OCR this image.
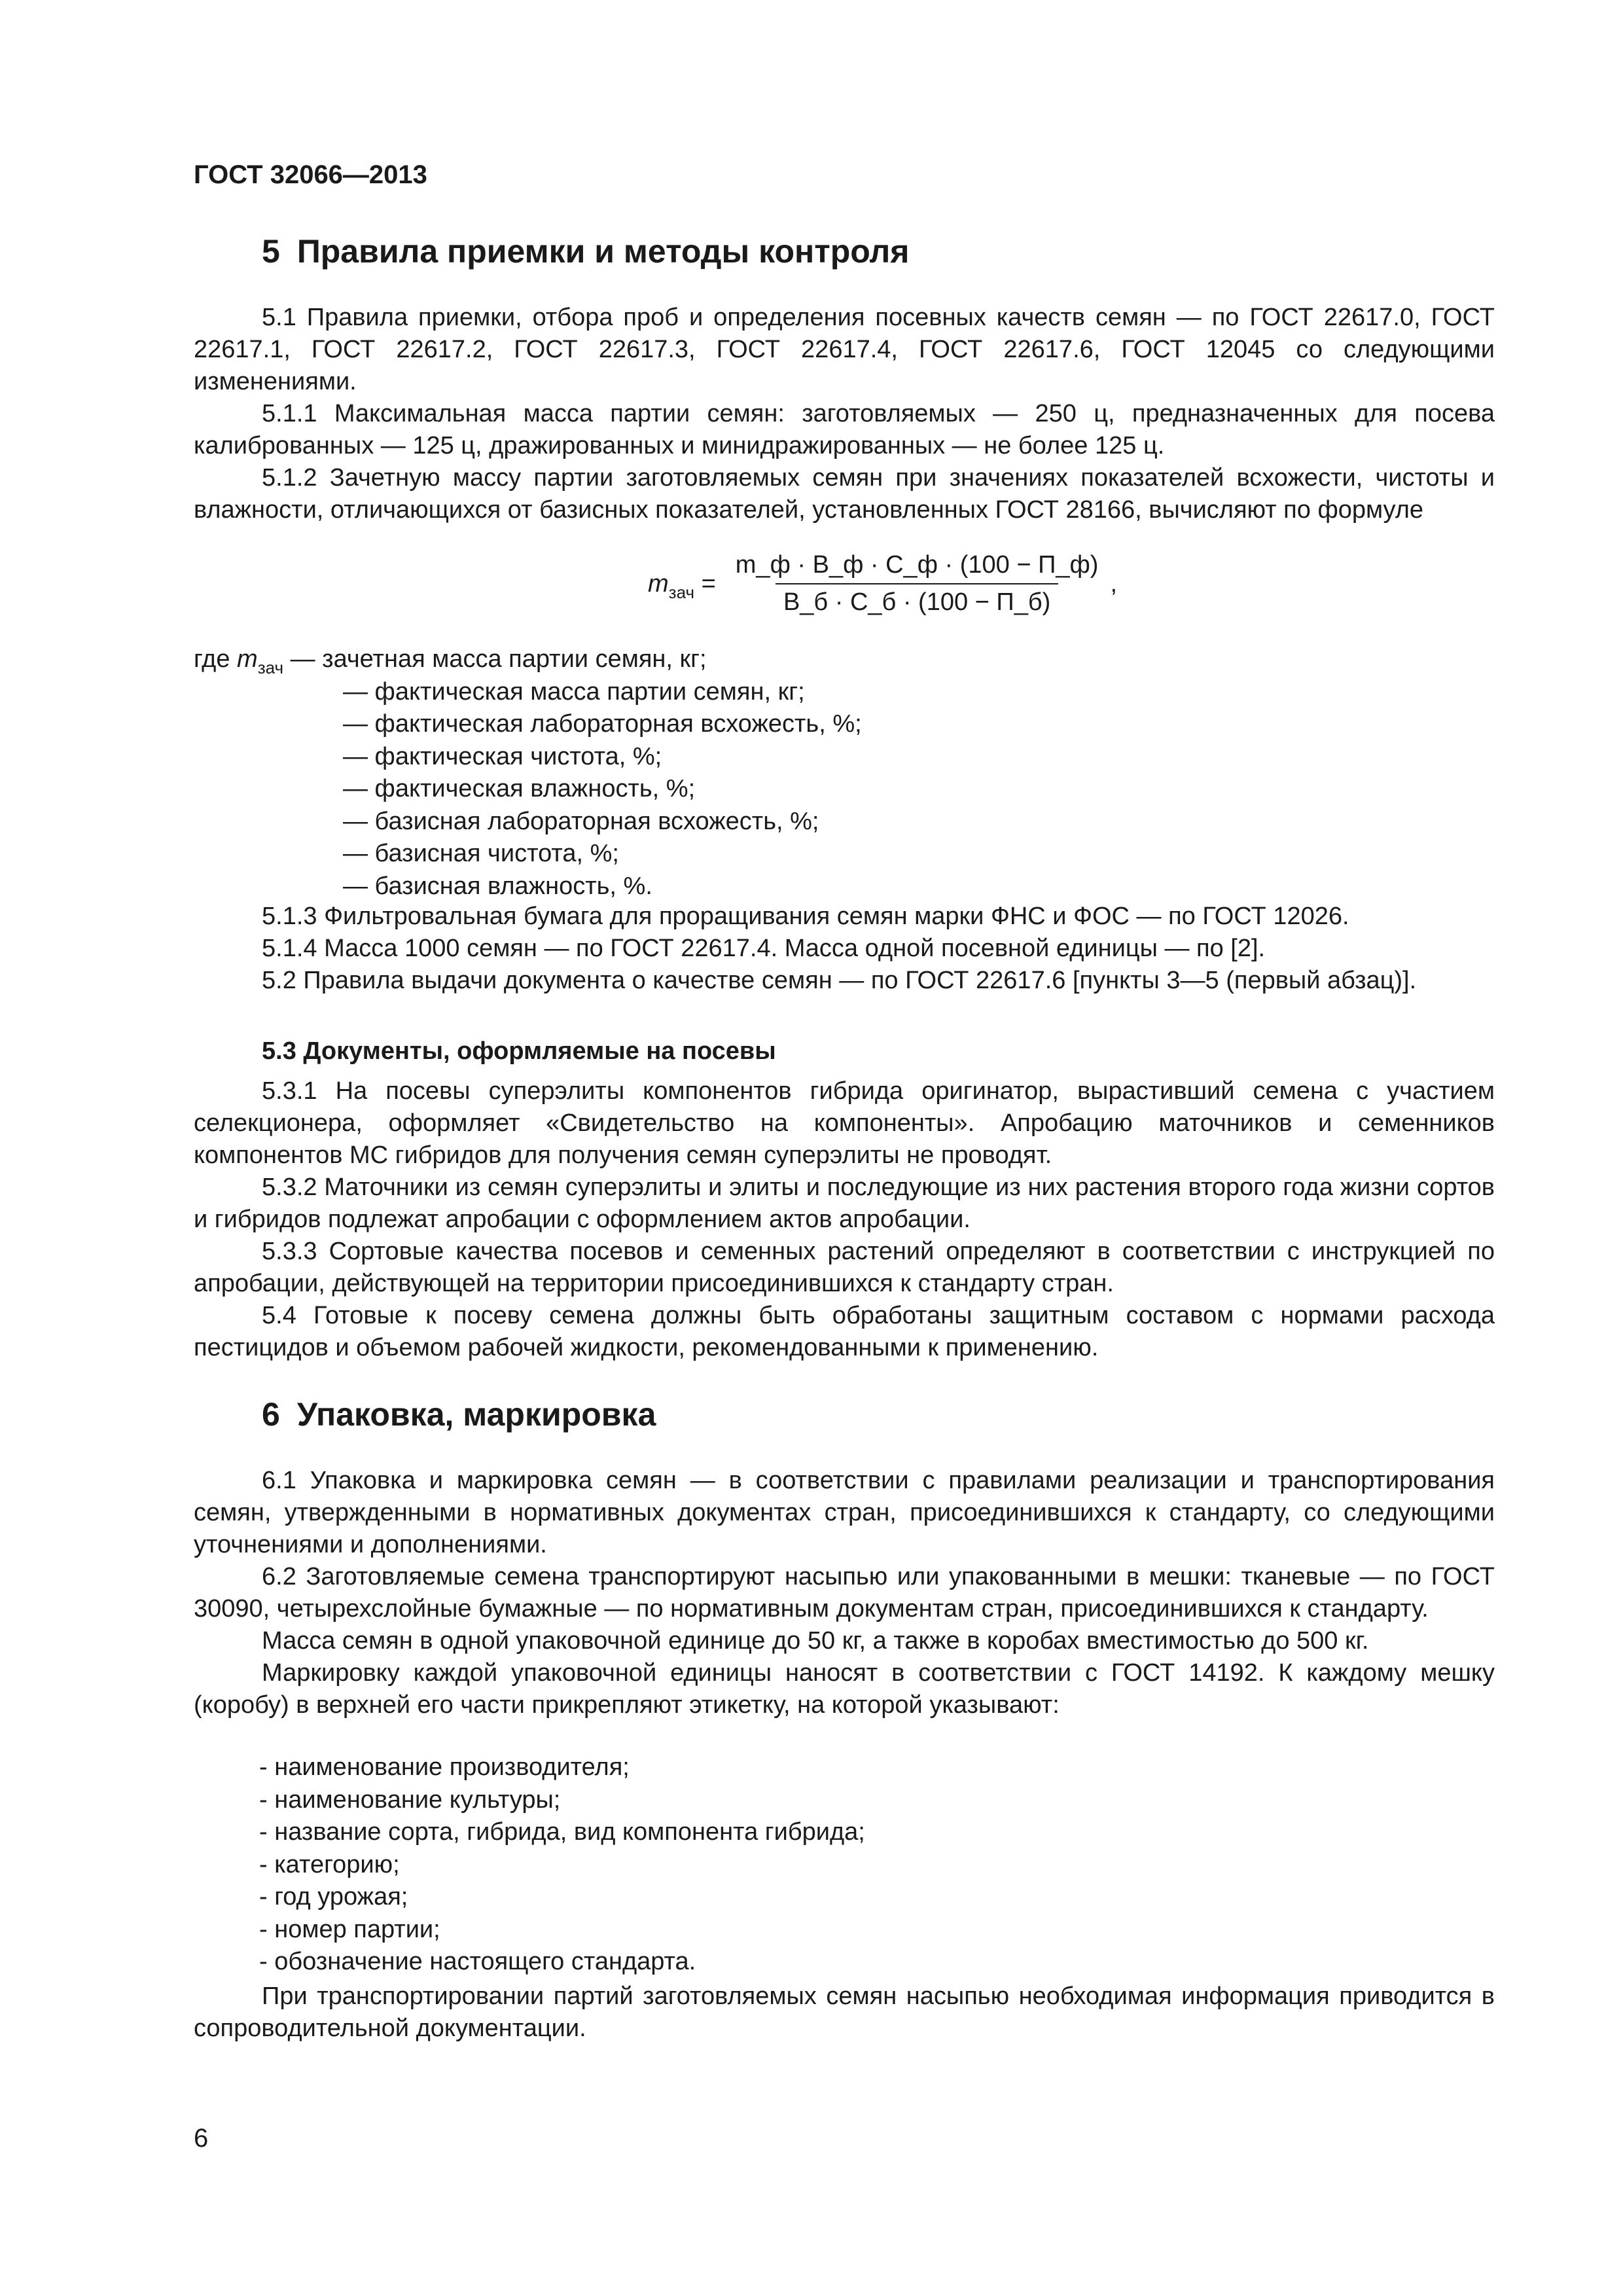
ГОСТ 32066—2013
5 Правила приемки и методы контроля

5.1 Правила приемки, отбора проб и определения посевных качеств семян — по ГОСТ 22617.0, ГОСТ 22617.1, ГОСТ 22617.2, ГОСТ 22617.3, ГОСТ 22617.4, ГОСТ 22617.6, ГОСТ 12045 со следующими изменениями.

5.1.1 Максимальная масса партии семян: заготовляемых — 250 ц, предназначенных для посева калиброванных — 125 ц, дражированных и минидражированных — не более 125 ц.

5.1.2 Зачетную массу партии заготовляемых семян при значениях показателей всхожести, чистоты и влажности, отличающихся от базисных показателей, установленных ГОСТ 28166, вычисляют по формуле

$m_{зач} = \frac{m\_ф \cdot В\_ф \cdot С\_ф \cdot (100 - П\_ф)}{В\_б \cdot С\_б \cdot (100 - П\_б)}$ ,
где $m_{зач}$ — зачетная масса партии семян, кг;
— фактическая масса партии семян, кг;
— фактическая лабораторная всхожесть, %;
— фактическая чистота, %;
— фактическая влажность, %;
— базисная лабораторная всхожесть, %;
— базисная чистота, %;
— базисная влажность, %.

5.1.3 Фильтровальная бумага для проращивания семян марки ФНС и ФОС — по ГОСТ 12026.

5.1.4 Масса 1000 семян — по ГОСТ 22617.4. Масса одной посевной единицы — по [2].

5.2 Правила выдачи документа о качестве семян — по ГОСТ 22617.6 [пункты 3—5 (первый абзац)].

5.3 Документы, оформляемые на посевы

5.3.1 На посевы суперэлиты компонентов гибрида оригинатор, вырастивший семена с участием селекционера, оформляет «Свидетельство на компоненты». Апробацию маточников и семенников компонентов МС гибридов для получения семян суперэлиты не проводят.

5.3.2 Маточники из семян суперэлиты и элиты и последующие из них растения второго года жизни сортов и гибридов подлежат апробации с оформлением актов апробации.

5.3.3 Сортовые качества посевов и семенных растений определяют в соответствии с инструкцией по апробации, действующей на территории присоединившихся к стандарту стран.

5.4 Готовые к посеву семена должны быть обработаны защитным составом с нормами расхода пестицидов и объемом рабочей жидкости, рекомендованными к применению.

6 Упаковка, маркировка

6.1 Упаковка и маркировка семян — в соответствии с правилами реализации и транспортирования семян, утвержденными в нормативных документах стран, присоединившихся к стандарту, со следующими уточнениями и дополнениями.

6.2 Заготовляемые семена транспортируют насыпью или упакованными в мешки: тканевые — по ГОСТ 30090, четырехслойные бумажные — по нормативным документам стран, присоединившихся к стандарту.

Масса семян в одной упаковочной единице до 50 кг, а также в коробах вместимостью до 500 кг.

Маркировку каждой упаковочной единицы наносят в соответствии с ГОСТ 14192. К каждому мешку (коробу) в верхней его части прикрепляют этикетку, на которой указывают:

- наименование производителя;
- наименование культуры;
- название сорта, гибрида, вид компонента гибрида;
- категорию;
- год урожая;
- номер партии;
- обозначение настоящего стандарта.

При транспортировании партий заготовляемых семян насыпью необходимая информация приводится в сопроводительной документации.

6
